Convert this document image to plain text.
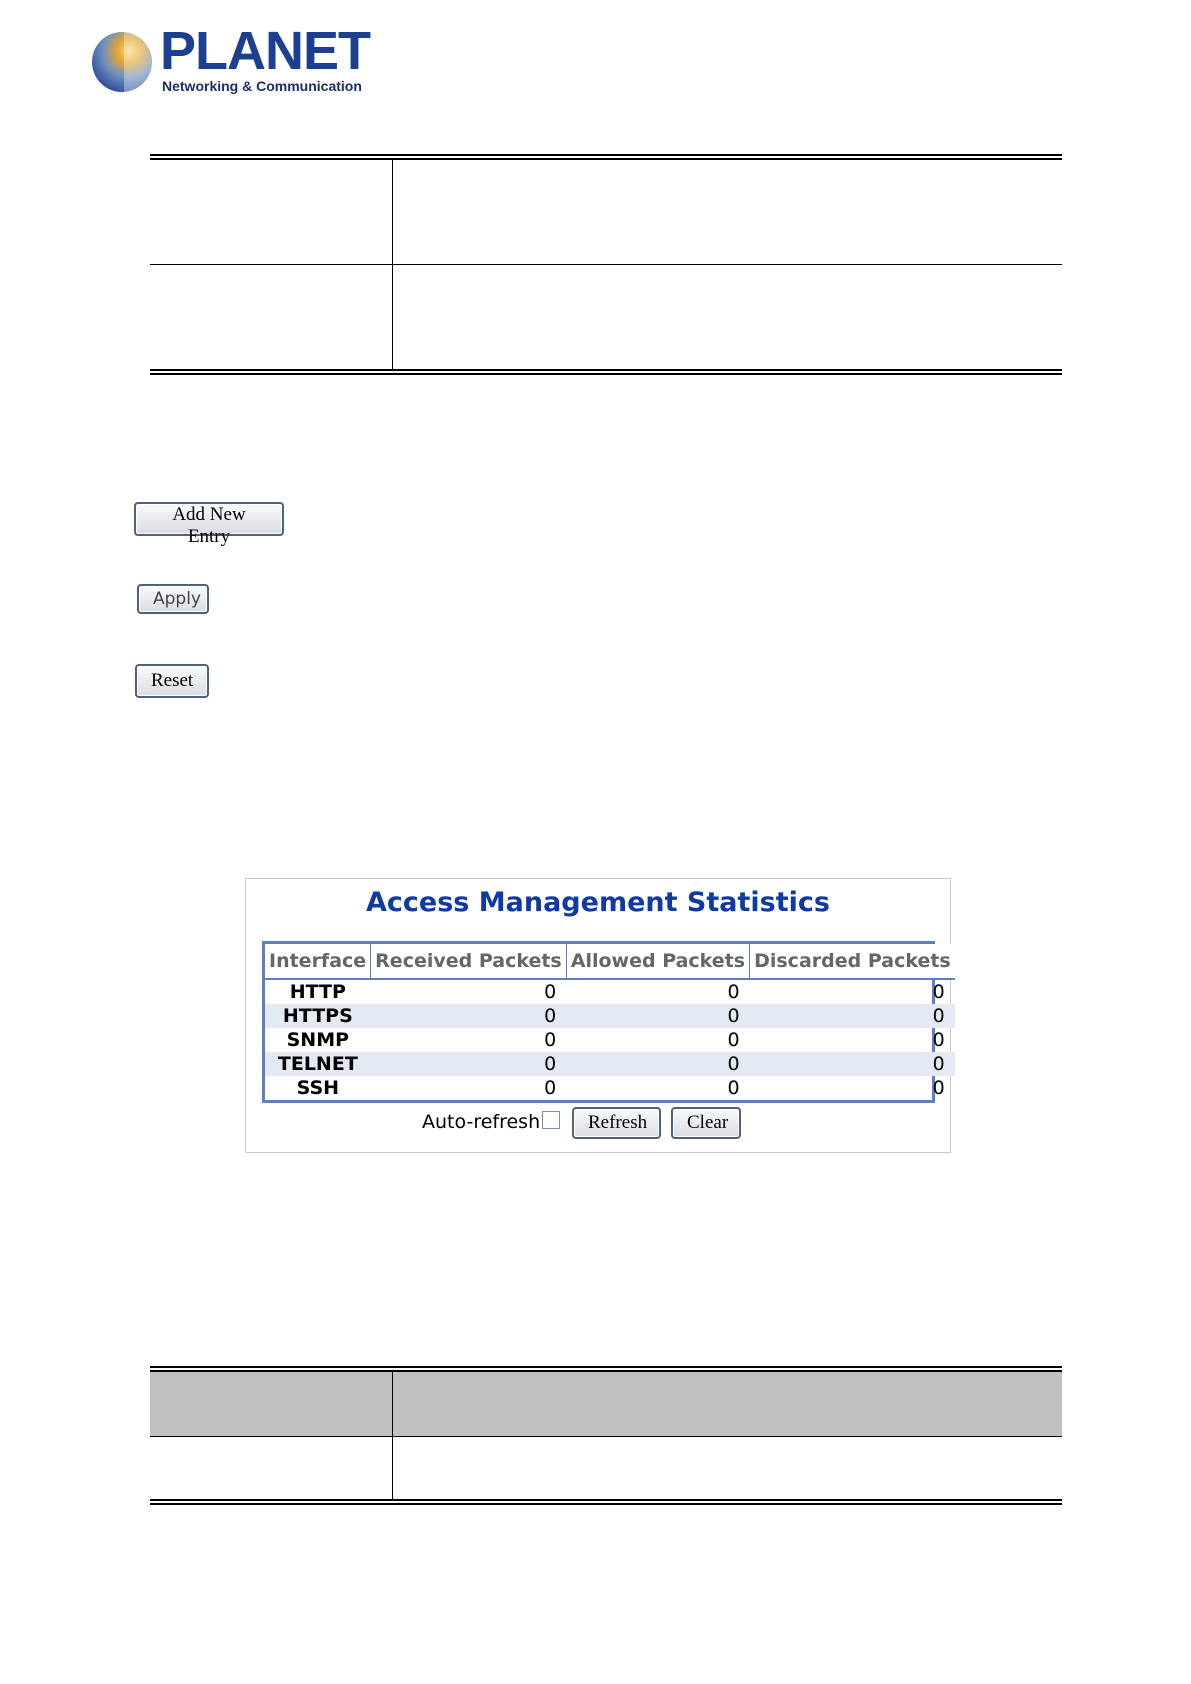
PLANET
Networking & Communication

Add New Entry
Apply
Reset
Access Management Statistics
Interface	Received Packets	Allowed Packets	Discarded Packets
HTTP	0	0	0
HTTPS	0	0	0
SNMP	0	0	0
TELNET	0	0	0
SSH	0	0	0
Auto-refresh	Refresh	Clear
